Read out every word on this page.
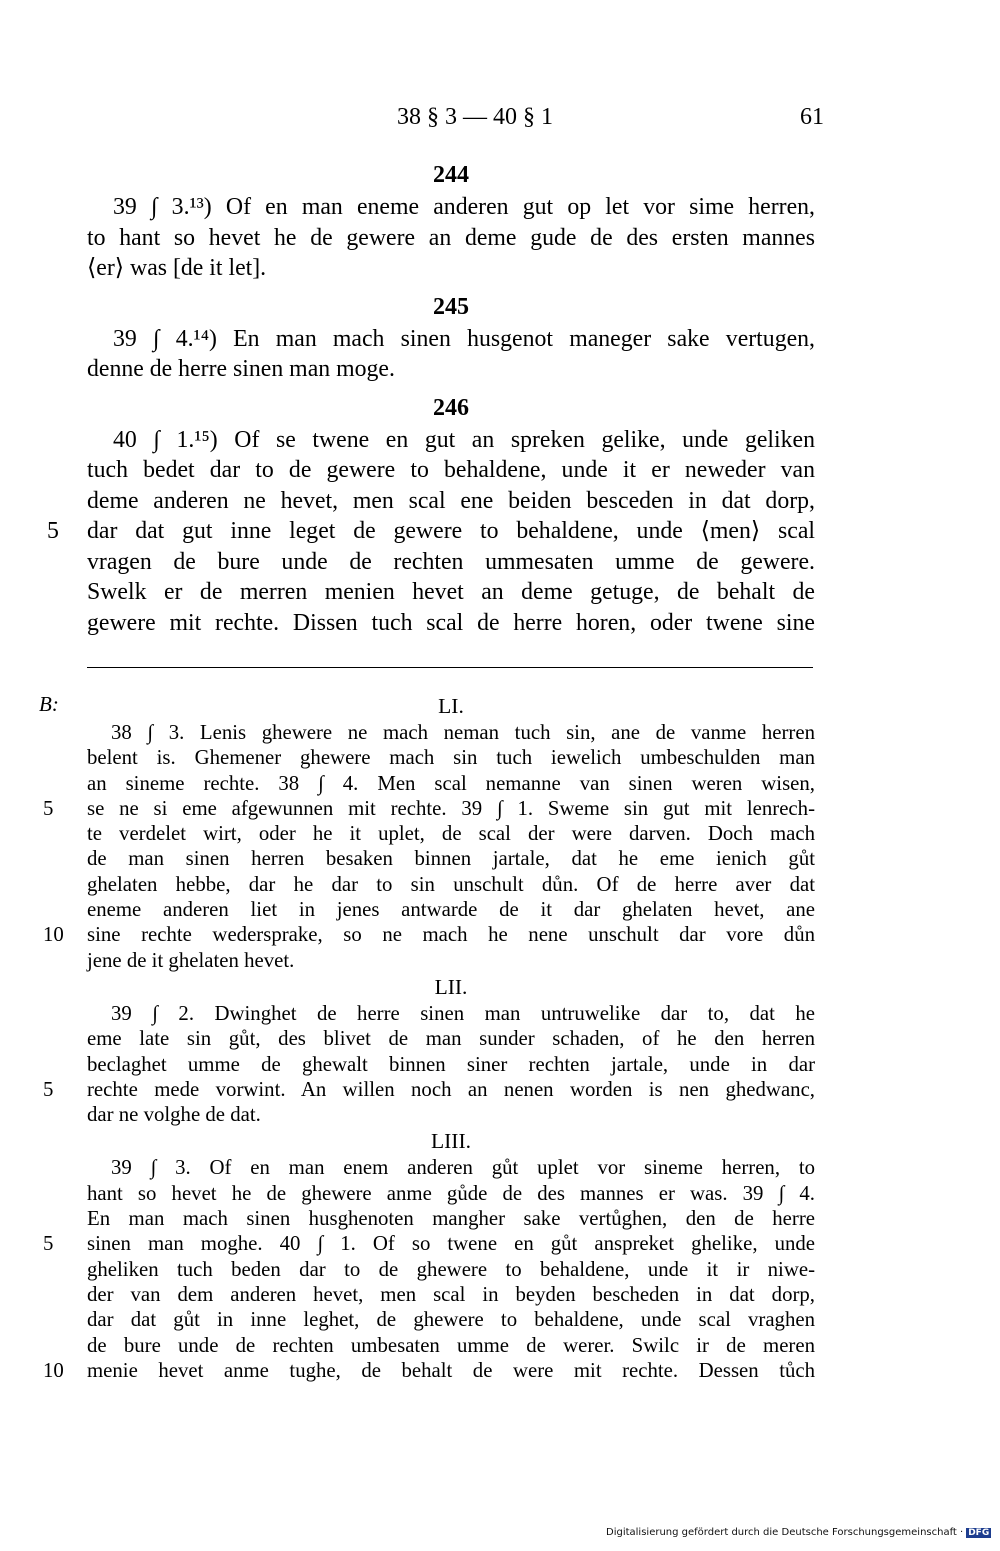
38 § 3 — 40 § 1	61
244
39 ∫ 3.¹³) Of en man eneme anderen gut op let vor sime herren,
to hant so hevet he de gewere an deme gude de des ersten mannes
⟨er⟩ was [de it let].
245
39 ∫ 4.¹⁴) En man mach sinen husgenot maneger sake vertugen,
denne de herre sinen man moge.
246
40 ∫ 1.¹⁵) Of se twene en gut an spreken gelike, unde geliken
tuch bedet dar to de gewere to behaldene, unde it er neweder van
deme anderen ne hevet, men scal ene beiden besceden in dat dorp,
5 dar dat gut inne leget de gewere to behaldene, unde ⟨men⟩ scal
vragen de bure unde de rechten ummesaten umme de gewere.
Swelk er de merren menien hevet an deme getuge, de behalt de
gewere mit rechte. Dissen tuch scal de herre horen, oder twene sine
B:	LI.
38 ∫ 3. Lenis ghewere ne mach neman tuch sin, ane de vanme herren
belent is. Ghemener ghewere mach sin tuch iewelich umbeschulden man
an sineme rechte. 38 ∫ 4. Men scal nemanne van sinen weren wisen,
5 se ne si eme afgewunnen mit rechte. 39 ∫ 1. Sweme sin gut mit lenrech-
te verdelet wirt, oder he it uplet, de scal der were darven. Doch mach
de man sinen herren besaken binnen jartale, dat he eme ienich gůt
ghelaten hebbe, dar he dar to sin unschult důn. Of de herre aver dat
eneme anderen liet in jenes antwarde de it dar ghelaten hevet, ane
10 sine rechte wedersprake, so ne mach he nene unschult dar vore důn
jene de it ghelaten hevet.
LII.
39 ∫ 2. Dwinghet de herre sinen man untruwelike dar to, dat he
eme late sin gůt, des blivet de man sunder schaden, of he den herren
beclaghet umme de ghewalt binnen siner rechten jartale, unde in dar
5 rechte mede vorwint. An willen noch an nenen worden is nen ghedwanc,
dar ne volghe de dat.
LIII.
39 ∫ 3. Of en man enem anderen gůt uplet vor sineme herren, to
hant so hevet he de ghewere anme gůde de des mannes er was. 39 ∫ 4.
En man mach sinen husghenoten mangher sake vertůghen, den de herre
5 sinen man moghe. 40 ∫ 1. Of so twene en gůt anspreket ghelike, unde
gheliken tuch beden dar to de ghewere to behaldene, unde it ir niwe-
der van dem anderen hevet, men scal in beyden bescheden in dat dorp,
dar dat gůt in inne leghet, de ghewere to behaldene, unde scal vraghen
de bure unde de rechten umbesaten umme de werer. Swilc ir de meren
10 menie hevet anme tughe, de behalt de were mit rechte. Dessen tůch
Digitalisierung gefördert durch die Deutsche Forschungsgemeinschaft · DFG
